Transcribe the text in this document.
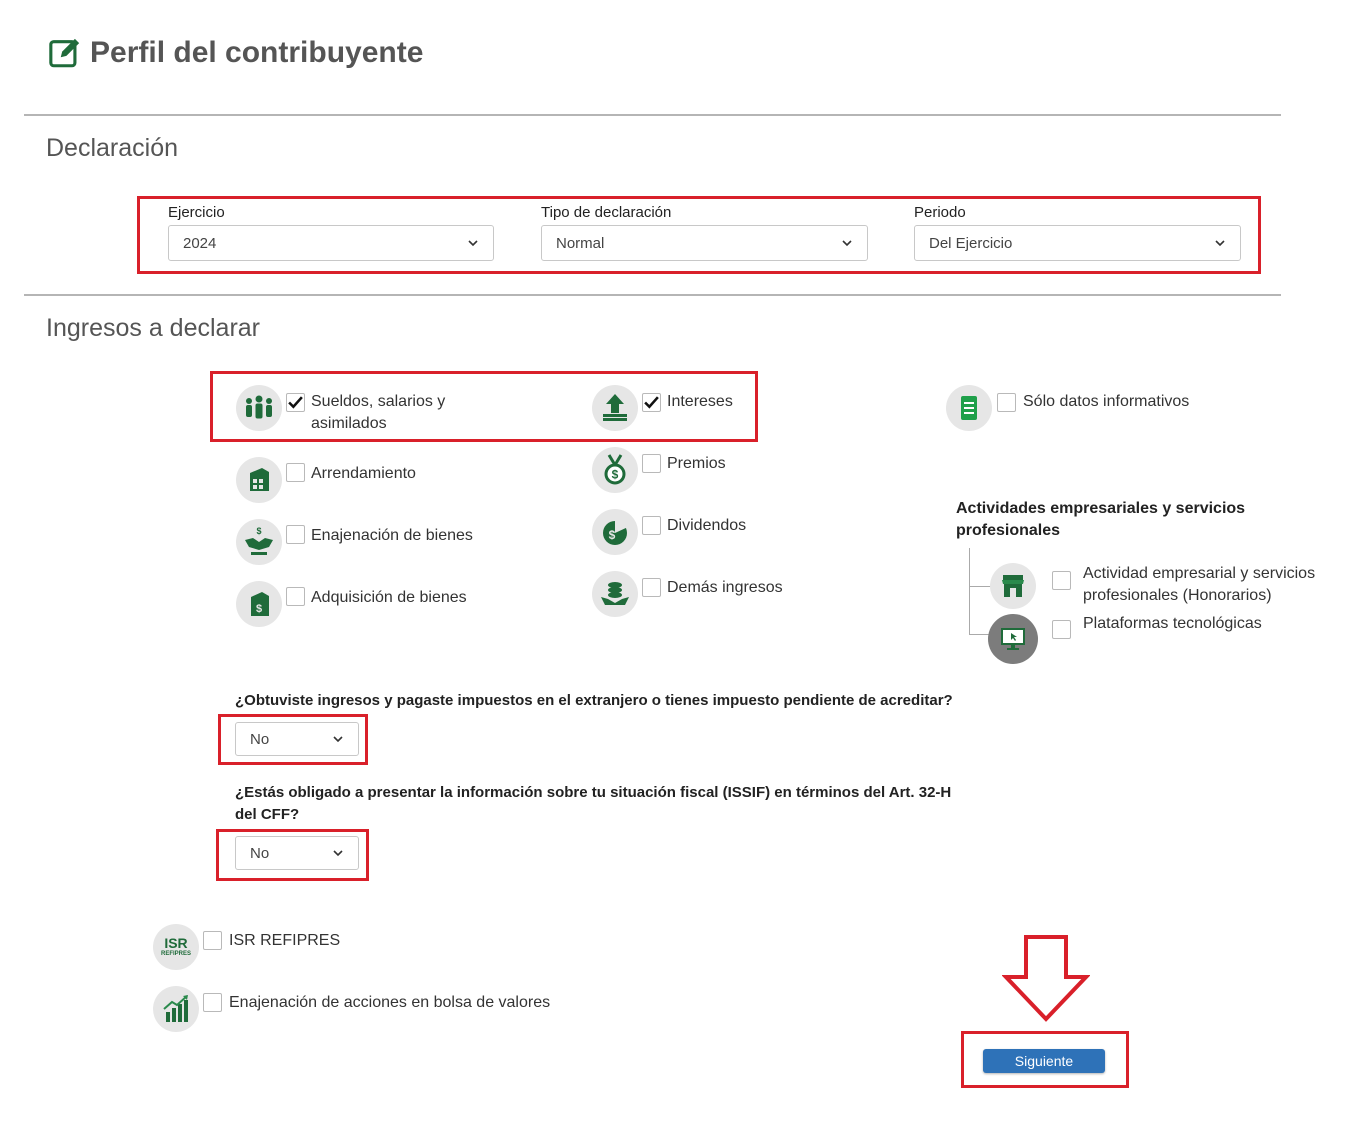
Perfil del contribuyente
Declaración
Ejercicio
2024
Tipo de declaración
Normal
Periodo
Del Ejercicio
Ingresos a declarar
Sueldos, salarios y
asimilados
Intereses	Sólo datos informativos
Arrendamiento	$
Premios
$	Enajenación de bienes	$
Dividendos
$
Adquisición de bienes
Demás ingresos
Actividades empresariales y servicios
profesionales
Actividad empresarial y servicios
profesionales (Honorarios)
Plataformas tecnológicas
¿Obtuviste ingresos y pagaste impuestos en el extranjero o tienes impuesto pendiente de acreditar?
No
¿Estás obligado a presentar la información sobre tu situación fiscal (ISSIF) en términos del Art. 32-H
del CFF?
No
ISR
REFIPRES
ISR REFIPRES
Enajenación de acciones en bolsa de valores
Siguiente
